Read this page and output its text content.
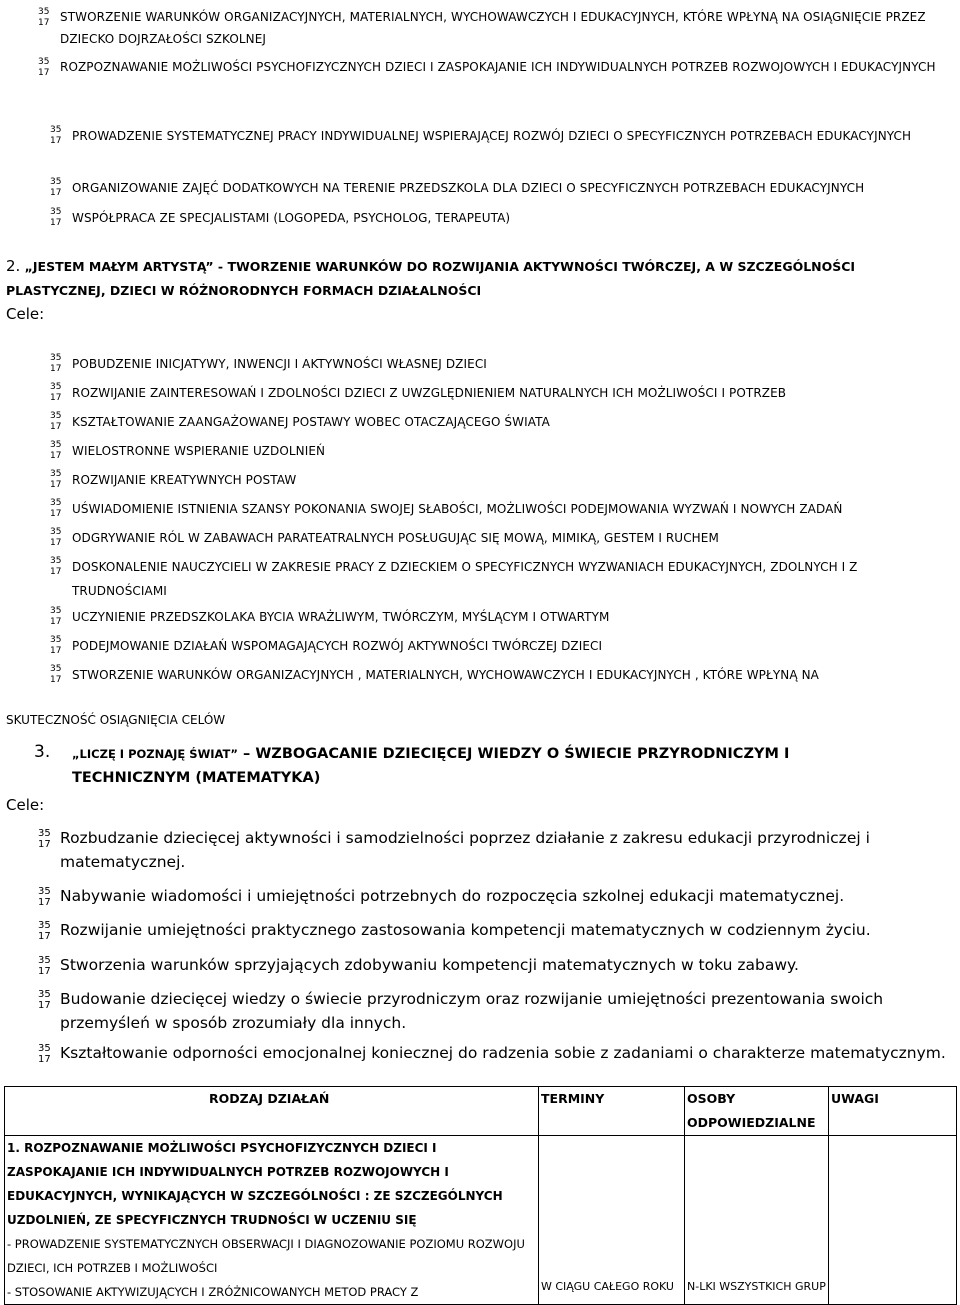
35
17 STWORZENIE WARUNKÓW ORGANIZACYJNYCH, MATERIALNYCH, WYCHOWAWCZYCH I EDUKACYJNYCH, KTÓRE WPŁYNĄ NA OSIĄGNIĘCIE PRZEZ DZIECKO DOJRZAŁOŚCI SZKOLNEJ
35
17 ROZPOZNAWANIE MOŻLIWOŚCI PSYCHOFIZYCZNYCH DZIECI I ZASPOKAJANIE ICH INDYWIDUALNYCH POTRZEB ROZWOJOWYCH I EDUKACYJNYCH
35
17 PROWADZENIE SYSTEMATYCZNEJ PRACY INDYWIDUALNEJ WSPIERAJĄCEJ ROZWÓJ DZIECI O SPECYFICZNYCH POTRZEBACH EDUKACYJNYCH
35
17 ORGANIZOWANIE ZAJĘĆ DODATKOWYCH NA TERENIE PRZEDSZKOLA DLA DZIECI O SPECYFICZNYCH POTRZEBACH EDUKACYJNYCH
35
17 WSPÓŁPRACA ZE SPECJALISTAMI (LOGOPEDA, PSYCHOLOG, TERAPEUTA)
2. „JESTEM MAŁYM ARTYSTĄ” - TWORZENIE WARUNKÓW DO ROZWIJANIA AKTYWNOŚCI TWÓRCZEJ, A W SZCZEGÓLNOŚCI PLASTYCZNEJ, DZIECI W RÓŻNORODNYCH FORMACH DZIAŁALNOŚCI
Cele:
35
17 POBUDZENIE INICJATYWY, INWENCJI I AKTYWNOŚCI WŁASNEJ DZIECI
35
17 ROZWIJANIE ZAINTERESOWAŃ I ZDOLNOŚCI DZIECI Z UWZGLĘDNIENIEM NATURALNYCH ICH MOŻLIWOŚCI I POTRZEB
35
17 KSZTAŁTOWANIE ZAANGAŻOWANEJ POSTAWY WOBEC OTACZAJĄCEGO ŚWIATA
35
17 WIELOSTRONNE WSPIERANIE UZDOLNIEŃ
35
17 ROZWIJANIE KREATYWNYCH POSTAW
35
17 UŚWIADOMIENIE ISTNIENIA SZANSY POKONANIA SWOJEJ SŁABOŚCI, MOŻLIWOŚCI PODEJMOWANIA WYZWAŃ I NOWYCH ZADAŃ
35
17 ODGRYWANIE RÓL W ZABAWACH PARATEATRALNYCH POSŁUGUJĄC SIĘ MOWĄ, MIMIKĄ, GESTEM I RUCHEM
35
17 DOSKONALENIE NAUCZYCIELI W ZAKRESIE PRACY Z DZIECKIEM O SPECYFICZNYCH WYZWANIACH EDUKACYJNYCH, ZDOLNYCH I Z TRUDNOŚCIAMI
35
17 UCZYNIENIE PRZEDSZKOLAKA BYCIA WRAŻLIWYM, TWÓRCZYM, MYŚLĄCYM I OTWARTYM
35
17 PODEJMOWANIE DZIAŁAŃ WSPOMAGAJĄCYCH ROZWÓJ AKTYWNOŚCI TWÓRCZEJ DZIECI
35
17 STWORZENIE WARUNKÓW ORGANIZACYJNYCH , MATERIALNYCH, WYCHOWAWCZYCH I EDUKACYJNYCH , KTÓRE WPŁYNĄ NA
SKUTECZNOŚĆ OSIĄGNIĘCIA CELÓW
3.	„LICZĘ I POZNAJĘ ŚWIAT” – WZBOGACANIE DZIECIĘCEJ WIEDZY O ŚWIECIE PRZYRODNICZYM I TECHNICZNYM (MATEMATYKA)
Cele:
35
17 Rozbudzanie dziecięcej aktywności i samodzielności poprzez działanie z zakresu edukacji przyrodniczej i matematycznej.
35
17 Nabywanie wiadomości i umiejętności potrzebnych do rozpoczęcia szkolnej edukacji matematycznej.
35
17 Rozwijanie umiejętności praktycznego zastosowania kompetencji matematycznych w codziennym życiu.
35
17 Stworzenia warunków sprzyjających zdobywaniu kompetencji matematycznych w toku zabawy.
35
17 Budowanie dziecięcej wiedzy o świecie przyrodniczym oraz rozwijanie umiejętności prezentowania swoich przemyśleń w sposób zrozumiały dla innych.
35
17 Kształtowanie odporności emocjonalnej koniecznej do radzenia sobie z zadaniami o charakterze matematycznym.
RODZAJ DZIAŁAŃ	TERMINY	OSOBY ODPOWIEDZIALNE	UWAGI

1. ROZPOZNAWANIE MOŻLIWOŚCI PSYCHOFIZYCZNYCH DZIECI I ZASPOKAJANIE ICH INDYWIDUALNYCH POTRZEB ROZWOJOWYCH I EDUKACYJNYCH, WYNIKAJĄCYCH W SZCZEGÓLNOŚCI : ZE SZCZEGÓLNYCH UZDOLNIEŃ, ZE SPECYFICZNYCH TRUDNOŚCI W UCZENIU SIĘ
- PROWADZENIE SYSTEMATYCZNYCH OBSERWACJI I DIAGNOZOWANIE POZIOMU ROZWOJU DZIECI, ICH POTRZEB I MOŻLIWOŚCI
- STOSOWANIE AKTYWIZUJĄCYCH I ZRÓŻNICOWANYCH METOD PRACY Z	W CIĄGU CAŁEGO ROKU	N-LKI WSZYSTKICH GRUP	
